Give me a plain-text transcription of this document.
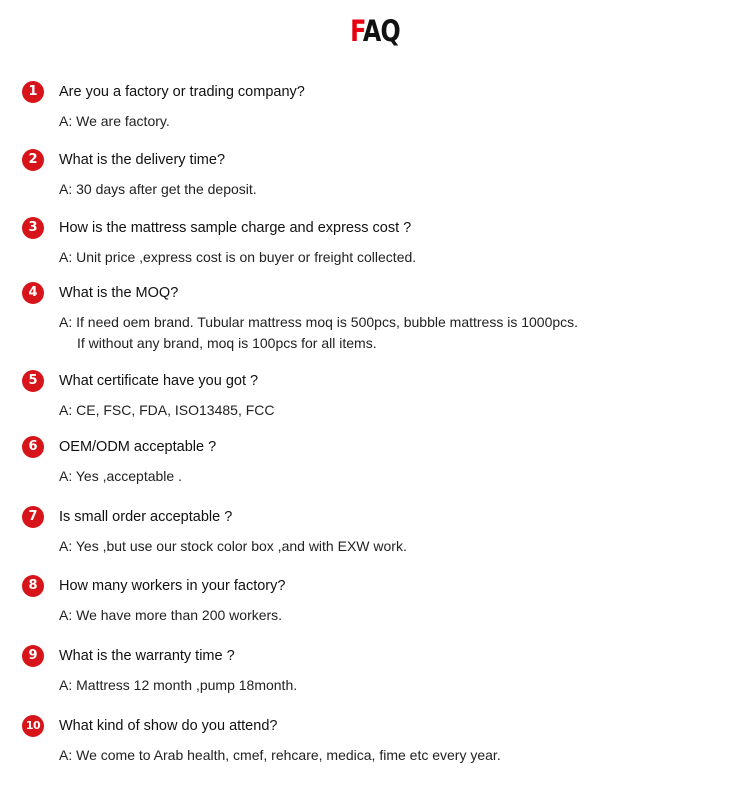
FAQ
1	Are you a factory or trading company?
A: We are factory.
2	What is the delivery time?
A: 30 days after get the deposit.
3	How is the mattress sample charge and express cost ?
A: Unit price ,express cost is on buyer or freight collected.
4	What is the MOQ?
A: If need oem brand. Tubular mattress moq is 500pcs, bubble mattress is 1000pcs.
If without any brand, moq is 100pcs for all items.
5	What certificate have you got ?
A: CE, FSC, FDA, ISO13485, FCC
6	OEM/ODM acceptable ?
A: Yes ,acceptable .
7	Is small order acceptable ?
A: Yes ,but use our stock color box ,and with EXW work.
8	How many workers in your factory?
A: We have more than 200 workers.
9	What is the warranty time ?
A: Mattress 12 month ,pump 18month.
10 What kind of show do you attend?
A: We come to Arab health, cmef, rehcare, medica, fime etc every year.
